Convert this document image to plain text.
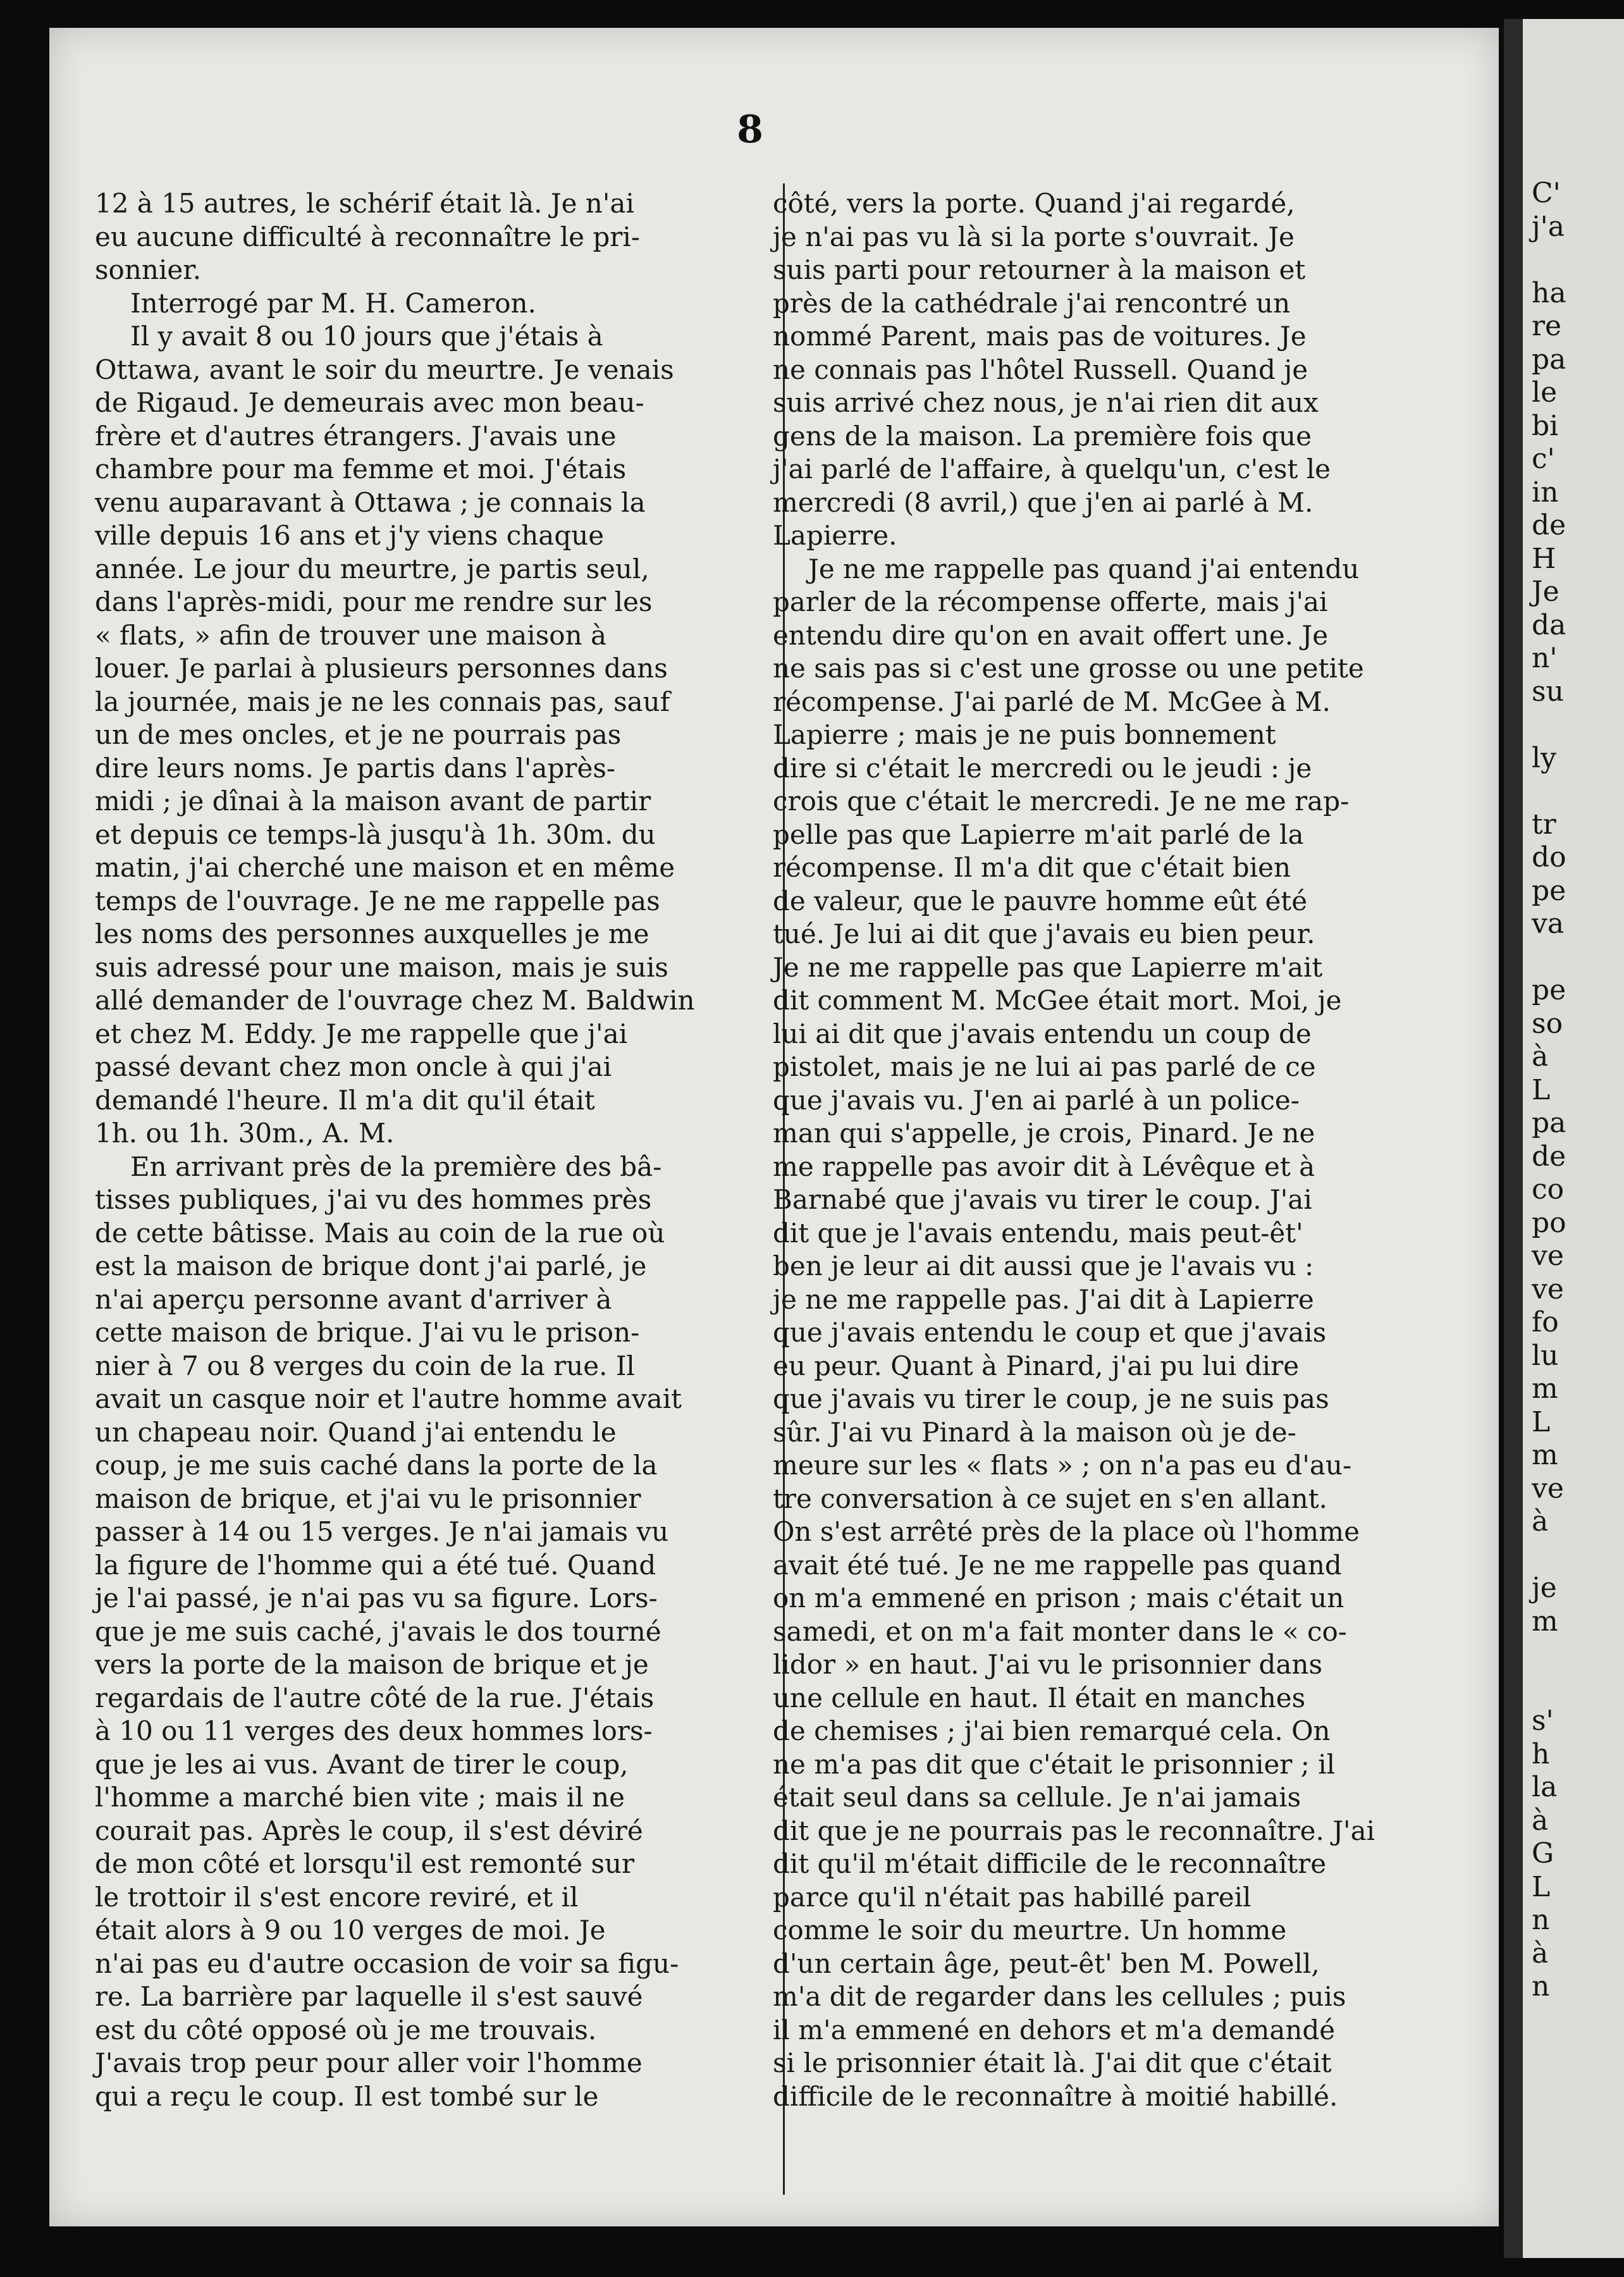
C'
j'a

ha
re
pa
le
bi
c'
in
de
H
Je
da
n'
su

ly

tr
do
pe
va

pe
so
à
L
pa
de
co
po
ve
ve
fo
lu
m
L
m
ve
à

je
m

s'
h
la
à
G
L
n
à
n
8

12 à 15 autres, le schérif était là. Je n'ai
eu aucune difficulté à reconnaître le pri-
sonnier.

Interrogé par M. H. Cameron.

Il y avait 8 ou 10 jours que j'étais à
Ottawa, avant le soir du meurtre. Je venais
de Rigaud. Je demeurais avec mon beau-
frère et d'autres étrangers. J'avais une
chambre pour ma femme et moi. J'étais
venu auparavant à Ottawa ; je connais la
ville depuis 16 ans et j'y viens chaque
année. Le jour du meurtre, je partis seul,
dans l'après-midi, pour me rendre sur les
« flats, » afin de trouver une maison à
louer. Je parlai à plusieurs personnes dans
la journée, mais je ne les connais pas, sauf
un de mes oncles, et je ne pourrais pas
dire leurs noms. Je partis dans l'après-
midi ; je dînai à la maison avant de partir
et depuis ce temps-là jusqu'à 1h. 30m. du
matin, j'ai cherché une maison et en même
temps de l'ouvrage. Je ne me rappelle pas
les noms des personnes auxquelles je me
suis adressé pour une maison, mais je suis
allé demander de l'ouvrage chez M. Baldwin
et chez M. Eddy. Je me rappelle que j'ai
passé devant chez mon oncle à qui j'ai
demandé l'heure. Il m'a dit qu'il était
1h. ou 1h. 30m., A. M.

En arrivant près de la première des bâ-
tisses publiques, j'ai vu des hommes près
de cette bâtisse. Mais au coin de la rue où
est la maison de brique dont j'ai parlé, je
n'ai aperçu personne avant d'arriver à
cette maison de brique. J'ai vu le prison-
nier à 7 ou 8 verges du coin de la rue. Il
avait un casque noir et l'autre homme avait
un chapeau noir. Quand j'ai entendu le
coup, je me suis caché dans la porte de la
maison de brique, et j'ai vu le prisonnier
passer à 14 ou 15 verges. Je n'ai jamais vu
la figure de l'homme qui a été tué. Quand
je l'ai passé, je n'ai pas vu sa figure. Lors-
que je me suis caché, j'avais le dos tourné
vers la porte de la maison de brique et je
regardais de l'autre côté de la rue. J'étais
à 10 ou 11 verges des deux hommes lors-
que je les ai vus. Avant de tirer le coup,
l'homme a marché bien vite ; mais il ne
courait pas. Après le coup, il s'est déviré
de mon côté et lorsqu'il est remonté sur
le trottoir il s'est encore reviré, et il
était alors à 9 ou 10 verges de moi. Je
n'ai pas eu d'autre occasion de voir sa figu-
re. La barrière par laquelle il s'est sauvé
est du côté opposé où je me trouvais.
J'avais trop peur pour aller voir l'homme
qui a reçu le coup. Il est tombé sur le

côté, vers la porte. Quand j'ai regardé,
je n'ai pas vu là si la porte s'ouvrait. Je
suis parti pour retourner à la maison et
près de la cathédrale j'ai rencontré un
nommé Parent, mais pas de voitures. Je
ne connais pas l'hôtel Russell. Quand je
suis arrivé chez nous, je n'ai rien dit aux
gens de la maison. La première fois que
j'ai parlé de l'affaire, à quelqu'un, c'est le
mercredi (8 avril,) que j'en ai parlé à M.
Lapierre.

Je ne me rappelle pas quand j'ai entendu
parler de la récompense offerte, mais j'ai
entendu dire qu'on en avait offert une. Je
ne sais pas si c'est une grosse ou une petite
récompense. J'ai parlé de M. McGee à M.
Lapierre ; mais je ne puis bonnement
dire si c'était le mercredi ou le jeudi : je
crois que c'était le mercredi. Je ne me rap-
pelle pas que Lapierre m'ait parlé de la
récompense. Il m'a dit que c'était bien
de valeur, que le pauvre homme eût été
tué. Je lui ai dit que j'avais eu bien peur.
Je ne me rappelle pas que Lapierre m'ait
dit comment M. McGee était mort. Moi, je
lui ai dit que j'avais entendu un coup de
pistolet, mais je ne lui ai pas parlé de ce
que j'avais vu. J'en ai parlé à un police-
man qui s'appelle, je crois, Pinard. Je ne
me rappelle pas avoir dit à Lévêque et à
Barnabé que j'avais vu tirer le coup. J'ai
dit que je l'avais entendu, mais peut-êt'
ben je leur ai dit aussi que je l'avais vu :
je ne me rappelle pas. J'ai dit à Lapierre
que j'avais entendu le coup et que j'avais
eu peur. Quant à Pinard, j'ai pu lui dire
que j'avais vu tirer le coup, je ne suis pas
sûr. J'ai vu Pinard à la maison où je de-
meure sur les « flats » ; on n'a pas eu d'au-
tre conversation à ce sujet en s'en allant.
On s'est arrêté près de la place où l'homme
avait été tué. Je ne me rappelle pas quand
on m'a emmené en prison ; mais c'était un
samedi, et on m'a fait monter dans le « co-
lidor » en haut. J'ai vu le prisonnier dans
une cellule en haut. Il était en manches
de chemises ; j'ai bien remarqué cela. On
ne m'a pas dit que c'était le prisonnier ; il
était seul dans sa cellule. Je n'ai jamais
dit que je ne pourrais pas le reconnaître. J'ai
dit qu'il m'était difficile de le reconnaître
parce qu'il n'était pas habillé pareil
comme le soir du meurtre. Un homme
d'un certain âge, peut-êt' ben M. Powell,
m'a dit de regarder dans les cellules ; puis
il m'a emmené en dehors et m'a demandé
si le prisonnier était là. J'ai dit que c'était
difficile de le reconnaître à moitié habillé.
